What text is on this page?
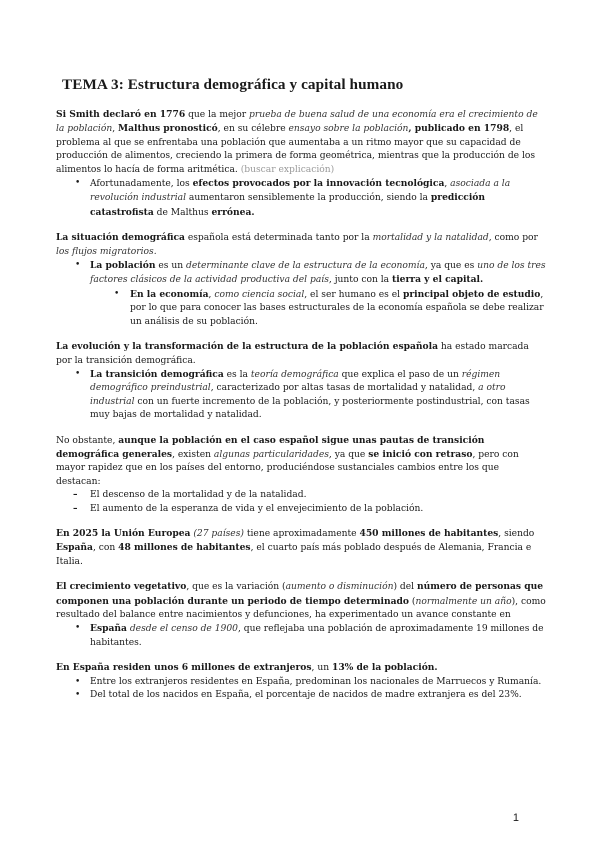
TEMA 3: Estructura demográfica y capital humano

Si Smith declaró en 1776 que la mejor prueba de buena salud de una economía era el crecimiento de la población, Malthus pronosticó, en su célebre ensayo sobre la población, publicado en 1798, el problema al que se enfrentaba una población que aumentaba a un ritmo mayor que su capacidad de producción de alimentos, creciendo la primera de forma geométrica, mientras que la producción de los alimentos lo hacía de forma aritmética. (buscar explicación)

• Afortunadamente, los efectos provocados por la innovación tecnológica, asociada a la revolución industrial aumentaron sensiblemente la producción, siendo la predicción catastrofista de Malthus errónea.

La situación demográfica española está determinada tanto por la mortalidad y la natalidad, como por los flujos migratorios.

• La población es un determinante clave de la estructura de la economía, ya que es uno de los tres factores clásicos de la actividad productiva del país, junto con la tierra y el capital.
• En la economía, como ciencia social, el ser humano es el principal objeto de estudio, por lo que para conocer las bases estructurales de la economía española se debe realizar un análisis de su población.

La evolución y la transformación de la estructura de la población española ha estado marcada por la transición demográfica.

• La transición demográfica es la teoría demográfica que explica el paso de un régimen demográfico preindustrial, caracterizado por altas tasas de mortalidad y natalidad, a otro industrial con un fuerte incremento de la población, y posteriormente postindustrial, con tasas muy bajas de mortalidad y natalidad.

No obstante, aunque la población en el caso español sigue unas pautas de transición demográfica generales, existen algunas particularidades, ya que se inició con retraso, pero con mayor rapidez que en los países del entorno, produciéndose sustanciales cambios entre los que destacan:

– El descenso de la mortalidad y de la natalidad.
– El aumento de la esperanza de vida y el envejecimiento de la población.

En 2025 la Unión Europea (27 países) tiene aproximadamente 450 millones de habitantes, siendo España, con 48 millones de habitantes, el cuarto país más poblado después de Alemania, Francia e Italia.

El crecimiento vegetativo, que es la variación (aumento o disminución) del número de personas que componen una población durante un periodo de tiempo determinado (normalmente un año), como resultado del balance entre nacimientos y defunciones, ha experimentado un avance constante en

• España desde el censo de 1900, que reflejaba una población de aproximadamente 19 millones de habitantes.

En España residen unos 6 millones de extranjeros, un 13% de la población.

• Entre los extranjeros residentes en España, predominan los nacionales de Marruecos y Rumanía.
• Del total de los nacidos en España, el porcentaje de nacidos de madre extranjera es del 23%.
1
